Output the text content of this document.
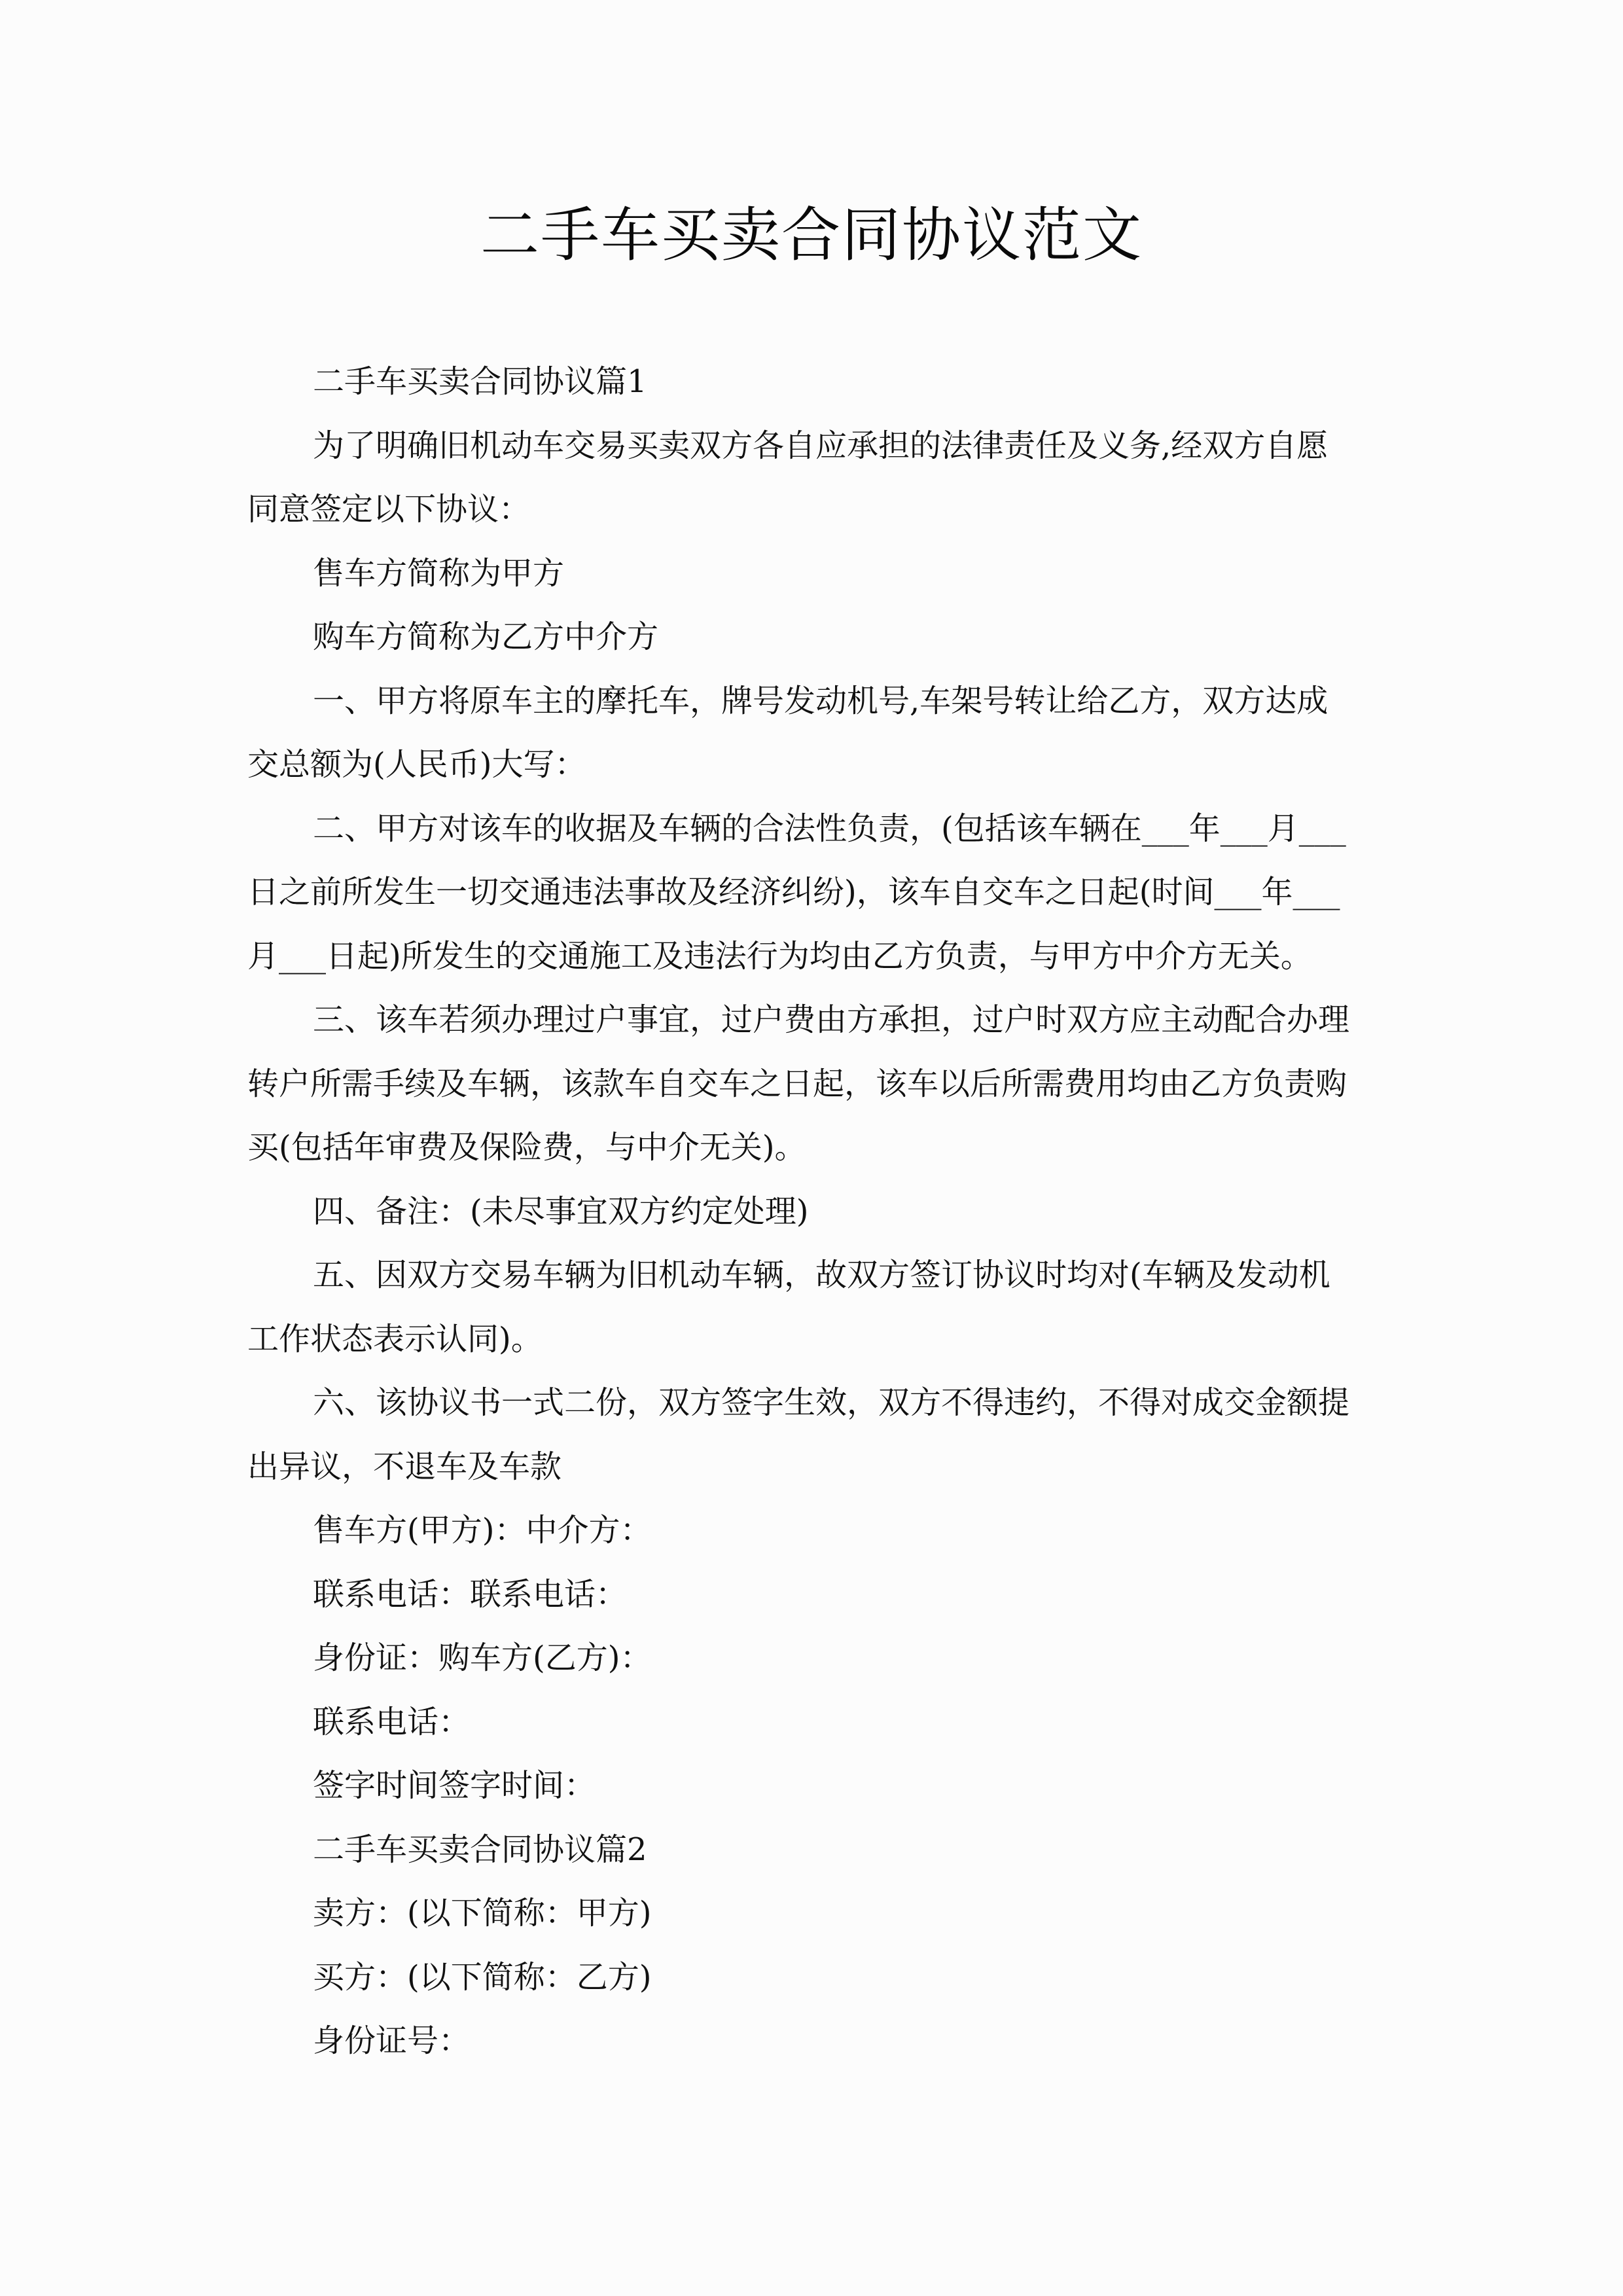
二手车买卖合同协议范文
二手车买卖合同协议篇1
为了明确旧机动车交易买卖双方各自应承担的法律责任及义务,经双方自愿
同意签定以下协议：
售车方简称为甲方
购车方简称为乙方中介方
一、甲方将原车主的摩托车，牌号发动机号,车架号转让给乙方，双方达成
交总额为(人民币)大写：
二、甲方对该车的收据及车辆的合法性负责，(包括该车辆在___年___月___
日之前所发生一切交通违法事故及经济纠纷)，该车自交车之日起(时间___年___
月___日起)所发生的交通施工及违法行为均由乙方负责，与甲方中介方无关。
三、该车若须办理过户事宜，过户费由方承担，过户时双方应主动配合办理
转户所需手续及车辆，该款车自交车之日起，该车以后所需费用均由乙方负责购
买(包括年审费及保险费，与中介无关)。
四、备注：(未尽事宜双方约定处理)
五、因双方交易车辆为旧机动车辆，故双方签订协议时均对(车辆及发动机
工作状态表示认同)。
六、该协议书一式二份，双方签字生效，双方不得违约，不得对成交金额提
出异议，不退车及车款
售车方(甲方)：中介方：
联系电话：联系电话：
身份证：购车方(乙方)：
联系电话：
签字时间签字时间：
二手车买卖合同协议篇2
卖方：(以下简称：甲方)
买方：(以下简称：乙方)
身份证号：
